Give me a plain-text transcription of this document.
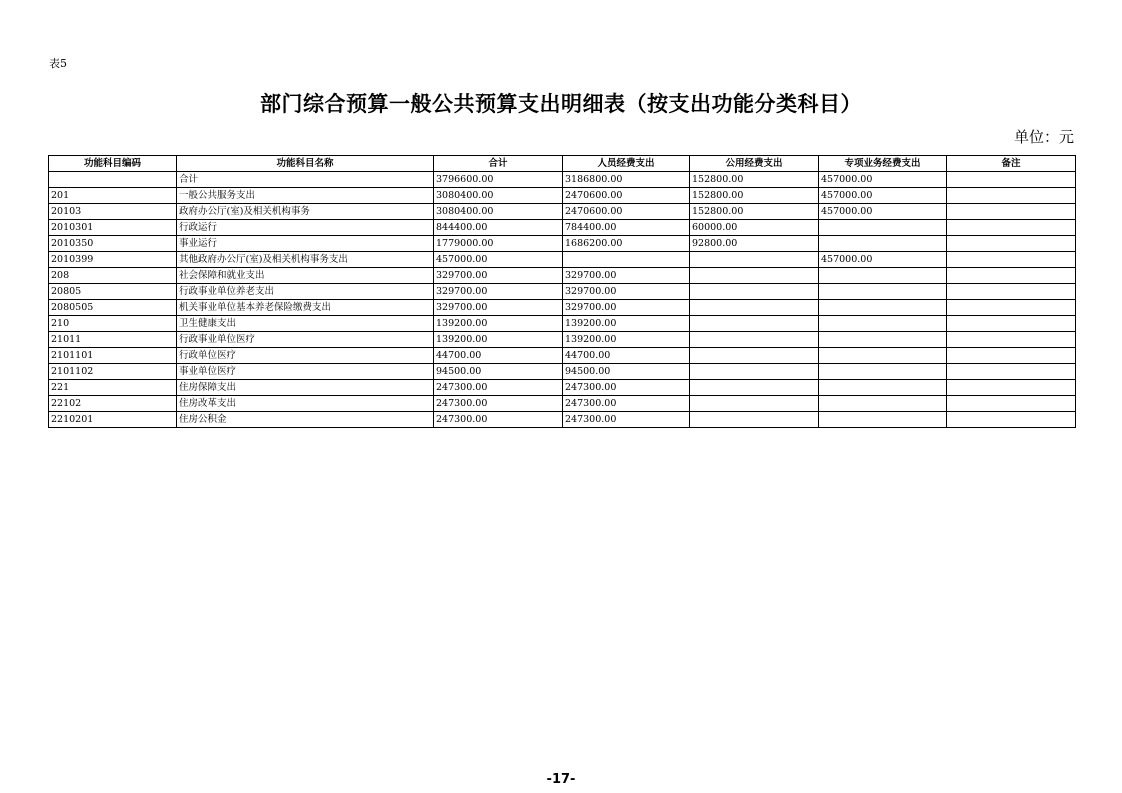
表5
部门综合预算一般公共预算支出明细表（按支出功能分类科目）
单位：元
功能科目编码	功能科目名称	合计	人员经费支出	公用经费支出	专项业务经费支出	备注
	合计	3796600.00	3186800.00	152800.00	457000.00	
201	一般公共服务支出	3080400.00	2470600.00	152800.00	457000.00	
20103	政府办公厅(室)及相关机构事务	3080400.00	2470600.00	152800.00	457000.00	
2010301	行政运行	844400.00	784400.00	60000.00		
2010350	事业运行	1779000.00	1686200.00	92800.00		
2010399	其他政府办公厅(室)及相关机构事务支出	457000.00			457000.00	
208	社会保障和就业支出	329700.00	329700.00			
20805	行政事业单位养老支出	329700.00	329700.00			
2080505	机关事业单位基本养老保险缴费支出	329700.00	329700.00			
210	卫生健康支出	139200.00	139200.00			
21011	行政事业单位医疗	139200.00	139200.00			
2101101	行政单位医疗	44700.00	44700.00			
2101102	事业单位医疗	94500.00	94500.00			
221	住房保障支出	247300.00	247300.00			
22102	住房改革支出	247300.00	247300.00			
2210201	住房公积金	247300.00	247300.00			
-17-
